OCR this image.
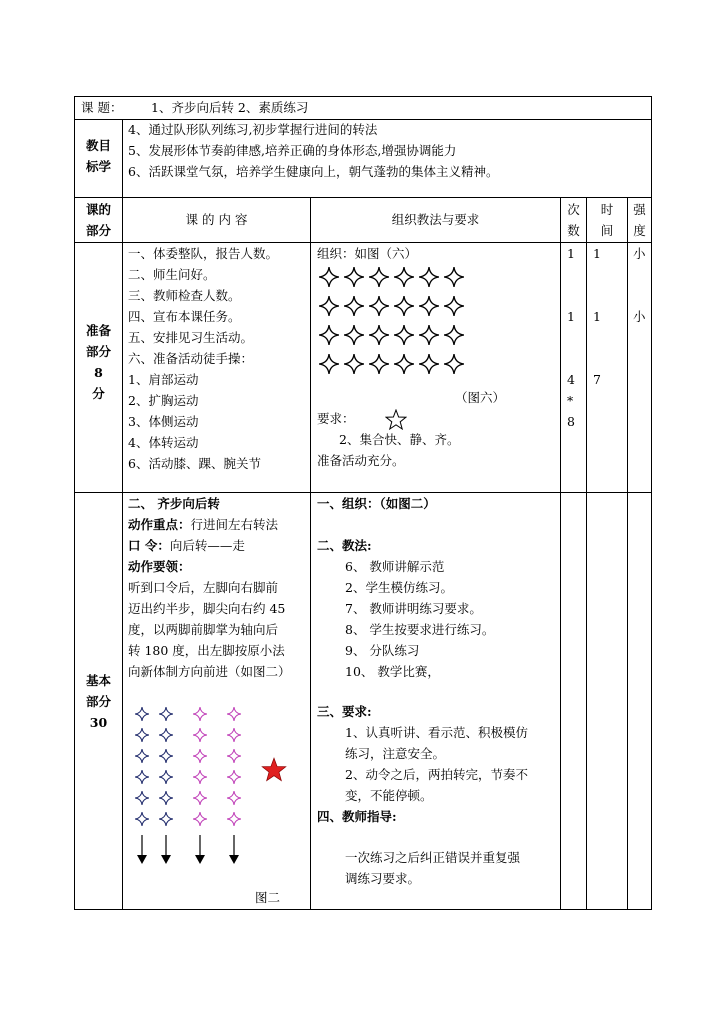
课 题： 1、齐步向后转 2、素质练习
教目
标学
4、通过队形队列练习,初步掌握行进间的转法
5、发展形体节奏韵律感,培养正确的身体形态,增强协调能力
6、活跃课堂气氛，培养学生健康向上，朝气蓬勃的集体主义精神。
课的
部分
课 的 内 容	组织教法与要求
次
数
时
间
强
度
准备
部分
8
分
一、体委整队，报告人数。
二、师生问好。
三、教师检查人数。
四、宣布本课任务。
五、安排见习生活动。
六、准备活动徒手操：
1、肩部运动
2、扩胸运动
3、体侧运动
4、体转运动
6、活动膝、踝、腕关节
组织：如图（六）
（图六）
要求：
2、集合快、静、齐。
准备活动充分。
1
1
4
*
8
1
1
7
小
小
基本
部分
30
二、 齐步向后转
动作重点：行进间左右转法
口 令：向后转——走
动作要领：
听到口令后，左脚向右脚前
迈出约半步，脚尖向右约 45
度，以两脚前脚掌为轴向后
转 180 度，出左脚按原小法
向新体制方向前进（如图二）
图二
一、组织：（如图二）
二、教法:
6、 教师讲解示范
2、学生模仿练习。
7、 教师讲明练习要求。
8、 学生按要求进行练习。
9、 分队练习
10、 教学比赛，
三、要求:
1、认真听讲、看示范、积极模仿
练习，注意安全。
2、动令之后，两拍转完，节奏不
变，不能停顿。
四、教师指导:
一次练习之后纠正错误并重复强
调练习要求。
